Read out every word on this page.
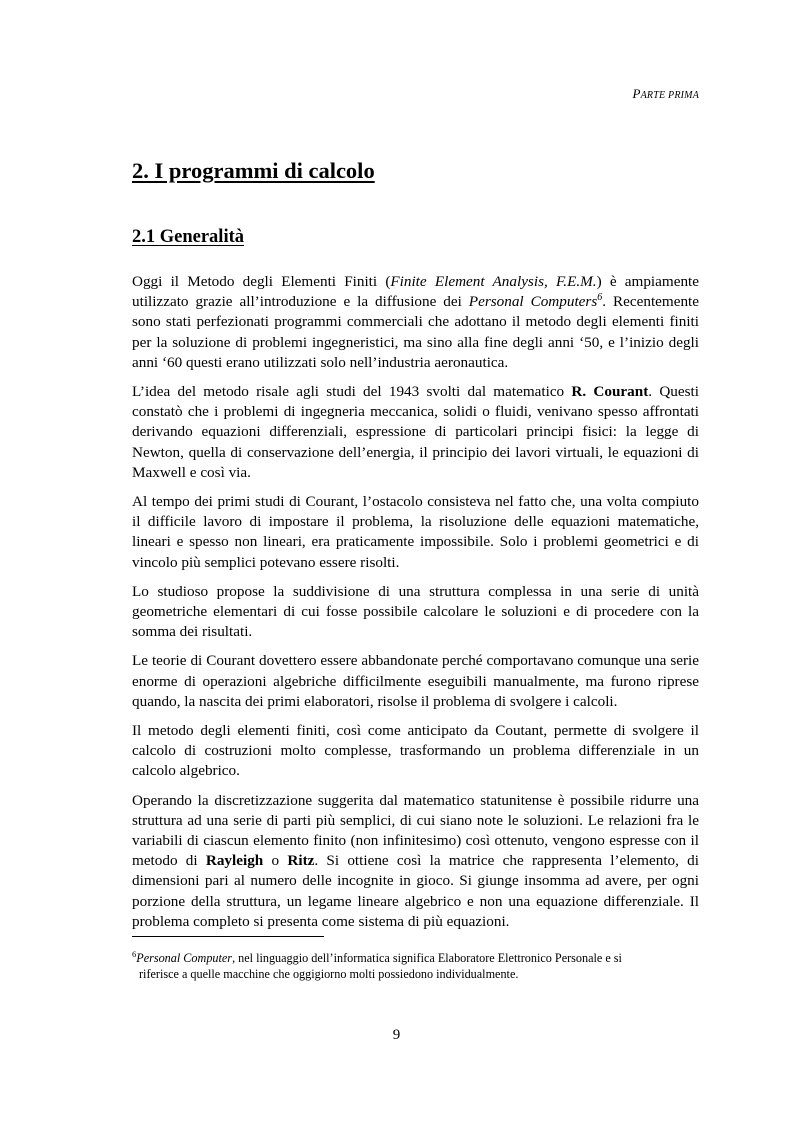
PARTE PRIMA
2. I programmi di calcolo
2.1 Generalità

Oggi il Metodo degli Elementi Finiti (Finite Element Analysis, F.E.M.) è ampiamente utilizzato grazie all’introduzione e la diffusione dei Personal Computers$^6$. Recentemente sono stati perfezionati programmi commerciali che adottano il metodo degli elementi finiti per la soluzione di problemi ingegneristici, ma sino alla fine degli anni ‘50, e l’inizio degli anni ‘60 questi erano utilizzati solo nell’industria aeronautica.

L’idea del metodo risale agli studi del 1943 svolti dal matematico R. Courant. Questi constatò che i problemi di ingegneria meccanica, solidi o fluidi, venivano spesso affrontati derivando equazioni differenziali, espressione di particolari principi fisici: la legge di Newton, quella di conservazione dell’energia, il principio dei lavori virtuali, le equazioni di Maxwell e così via.

Al tempo dei primi studi di Courant, l’ostacolo consisteva nel fatto che, una volta compiuto il difficile lavoro di impostare il problema, la risoluzione delle equazioni matematiche, lineari e spesso non lineari, era praticamente impossibile. Solo i problemi geometrici e di vincolo più semplici potevano essere risolti.

Lo studioso propose la suddivisione di una struttura complessa in una serie di unità geometriche elementari di cui fosse possibile calcolare le soluzioni e di procedere con la somma dei risultati.

Le teorie di Courant dovettero essere abbandonate perché comportavano comunque una serie enorme di operazioni algebriche difficilmente eseguibili manualmente, ma furono riprese quando, la nascita dei primi elaboratori, risolse il problema di svolgere i calcoli.

Il metodo degli elementi finiti, così come anticipato da Coutant, permette di svolgere il calcolo di costruzioni molto complesse, trasformando un problema differenziale in un calcolo algebrico.

Operando la discretizzazione suggerita dal matematico statunitense è possibile ridurre una struttura ad una serie di parti più semplici, di cui siano note le soluzioni. Le relazioni fra le variabili di ciascun elemento finito (non infinitesimo) così ottenuto, vengono espresse con il metodo di Rayleigh o Ritz. Si ottiene così la matrice che rappresenta l’elemento, di dimensioni pari al numero delle incognite in gioco. Si giunge insomma ad avere, per ogni porzione della struttura, un legame lineare algebrico e non una equazione differenziale. Il problema completo si presenta come sistema di più equazioni.

$^6$Personal Computer, nel linguaggio dell’informatica significa Elaboratore Elettronico Personale e si
riferisce a quelle macchine che oggigiorno molti possiedono individualmente.
9
